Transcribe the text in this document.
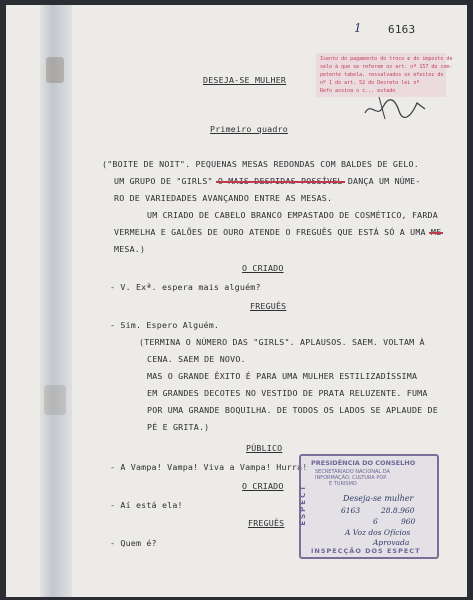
1 6163
Isento do pagamento do troco e do imposto de
selo à que se referem os art. nº 157 do com-
petente tabela, ressalvados os efeitos do
nº 1 do art. 52 do Decreto lei nº
Refo assina o c... estado
DESEJA-SE MULHER
Primeiro quadro
("BOITE DE NOIT". PEQUENAS MESAS REDONDAS COM BALDES DE GELO.
UM GRUPO DE "GIRLS" O MAIS DESPIDAS POSSÍVEL DANÇA UM NÚME-
RO DE VARIEDADES AVANÇANDO ENTRE AS MESAS.
UM CRIADO DE CABELO BRANCO EMPASTADO DE COSMÉTICO, FARDA
VERMELHA E GALÕES DE OURO ATENDE O FREGUÊS QUE ESTÁ SÓ A UMA ME
MESA.)
O CRIADO
- V. Exª. espera mais alguém?
FREGUÊS
- Sim. Espero Alguém.
(TERMINA O NÚMERO DAS "GIRLS". APLAUSOS. SAEM. VOLTAM À
CENA. SAEM DE NOVO.
MAS O GRANDE ÊXITO É PARA UMA MULHER ESTILIZADÍSSIMA
EM GRANDES DECOTES NO VESTIDO DE PRATA RELUZENTE. FUMA
POR UMA GRANDE BOQUILHA. DE TODOS OS LADOS SE APLAUDE DE
PÉ E GRITA.)
PÚBLICO
- A Vampa! Vampa! Viva a Vampa! Hurra!
O CRIADO
- Aí está ela!
FREGUÊS
- Quem é?
PRESIDÊNCIA DO CONSELHO
SECRETARIADO NACIONAL DA
INFORMAÇÃO, CULTURA POP.
E TURISMO
ESPECT	Deseja-se mulher
6163	28.8.960
6	960
A Voz dos Ofícios
Aprovada
INSPECÇÃO DOS ESPECT
